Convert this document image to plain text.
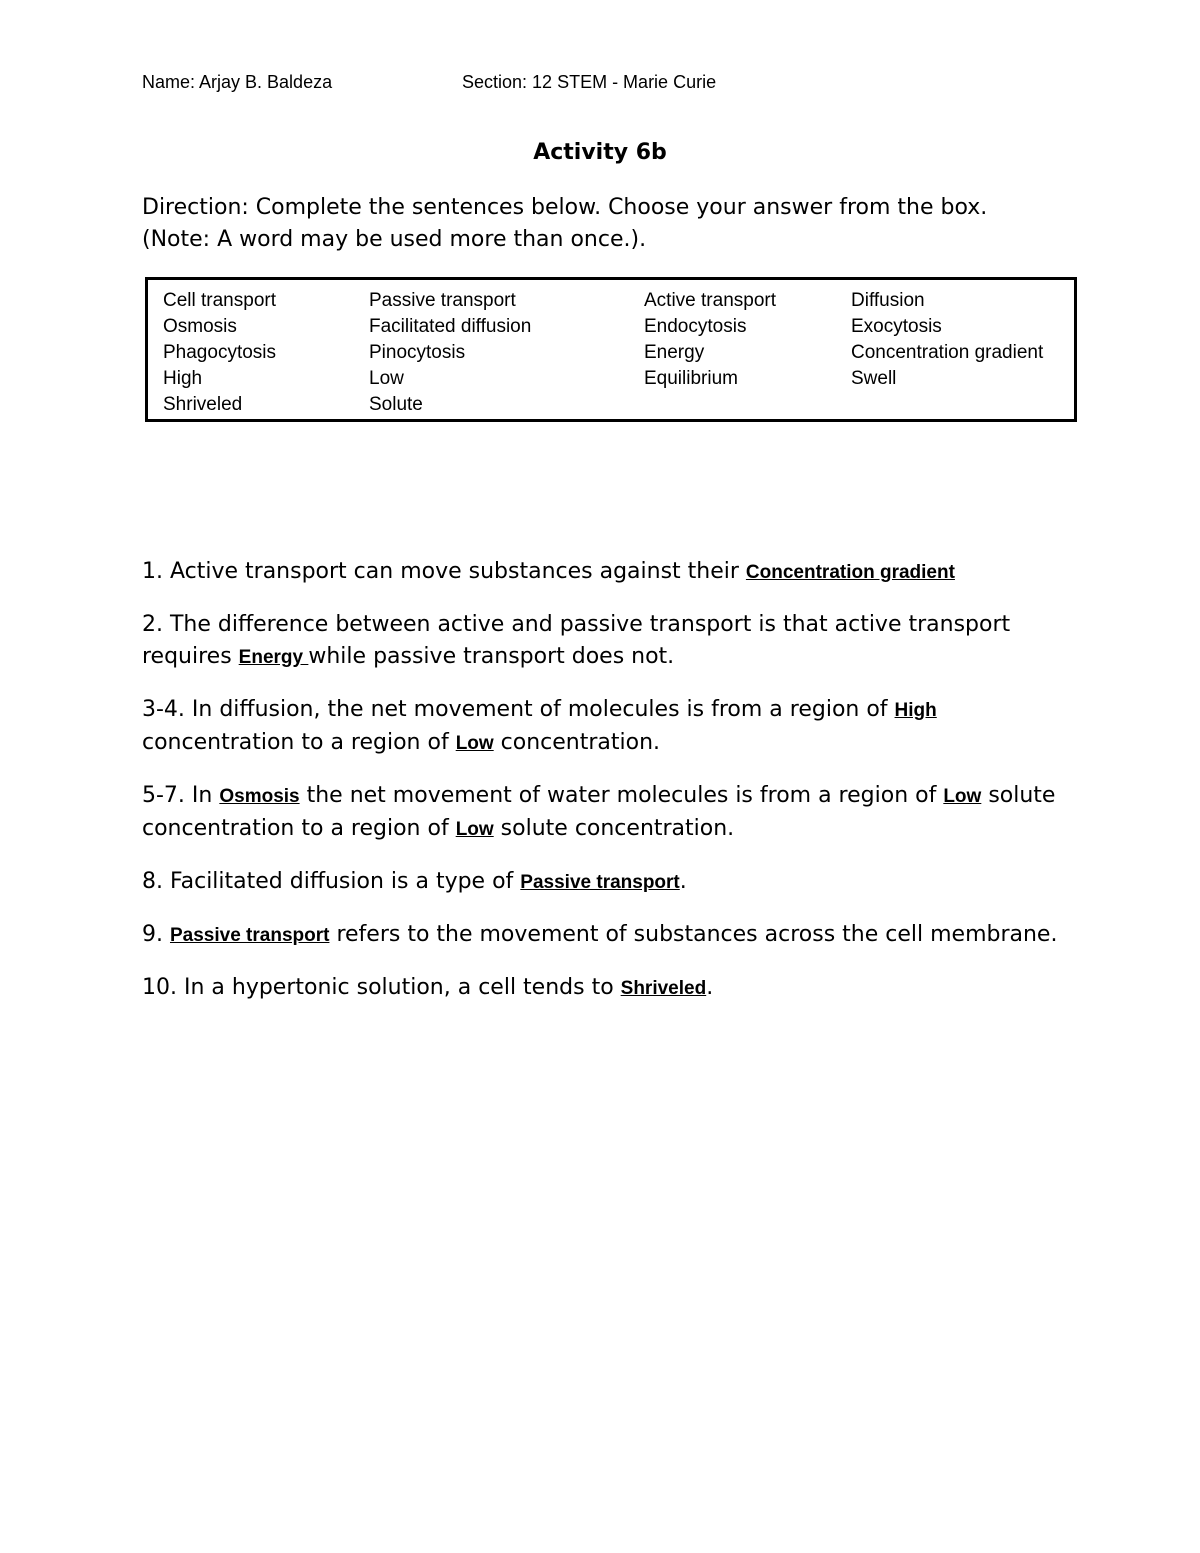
Name: Arjay B. Baldeza	Section: 12 STEM - Marie Curie
Activity 6b
Direction: Complete the sentences below. Choose your answer from the box.
(Note: A word may be used more than once.).
Cell transport
Osmosis
Phagocytosis
High
Shriveled
Passive transport
Facilitated diffusion
Pinocytosis
Low
Solute
Active transport
Endocytosis
Energy
Equilibrium
Diffusion
Exocytosis
Concentration gradient
Swell

1. Active transport can move substances against their Concentration gradient

2. The difference between active and passive transport is that active transport requires Energy while passive transport does not.

3-4. In diffusion, the net movement of molecules is from a region of High concentration to a region of Low concentration.

5-7. In Osmosis the net movement of water molecules is from a region of Low solute concentration to a region of Low solute concentration.

8. Facilitated diffusion is a type of Passive transport.

9. Passive transport refers to the movement of substances across the cell membrane.

10. In a hypertonic solution, a cell tends to Shriveled.
